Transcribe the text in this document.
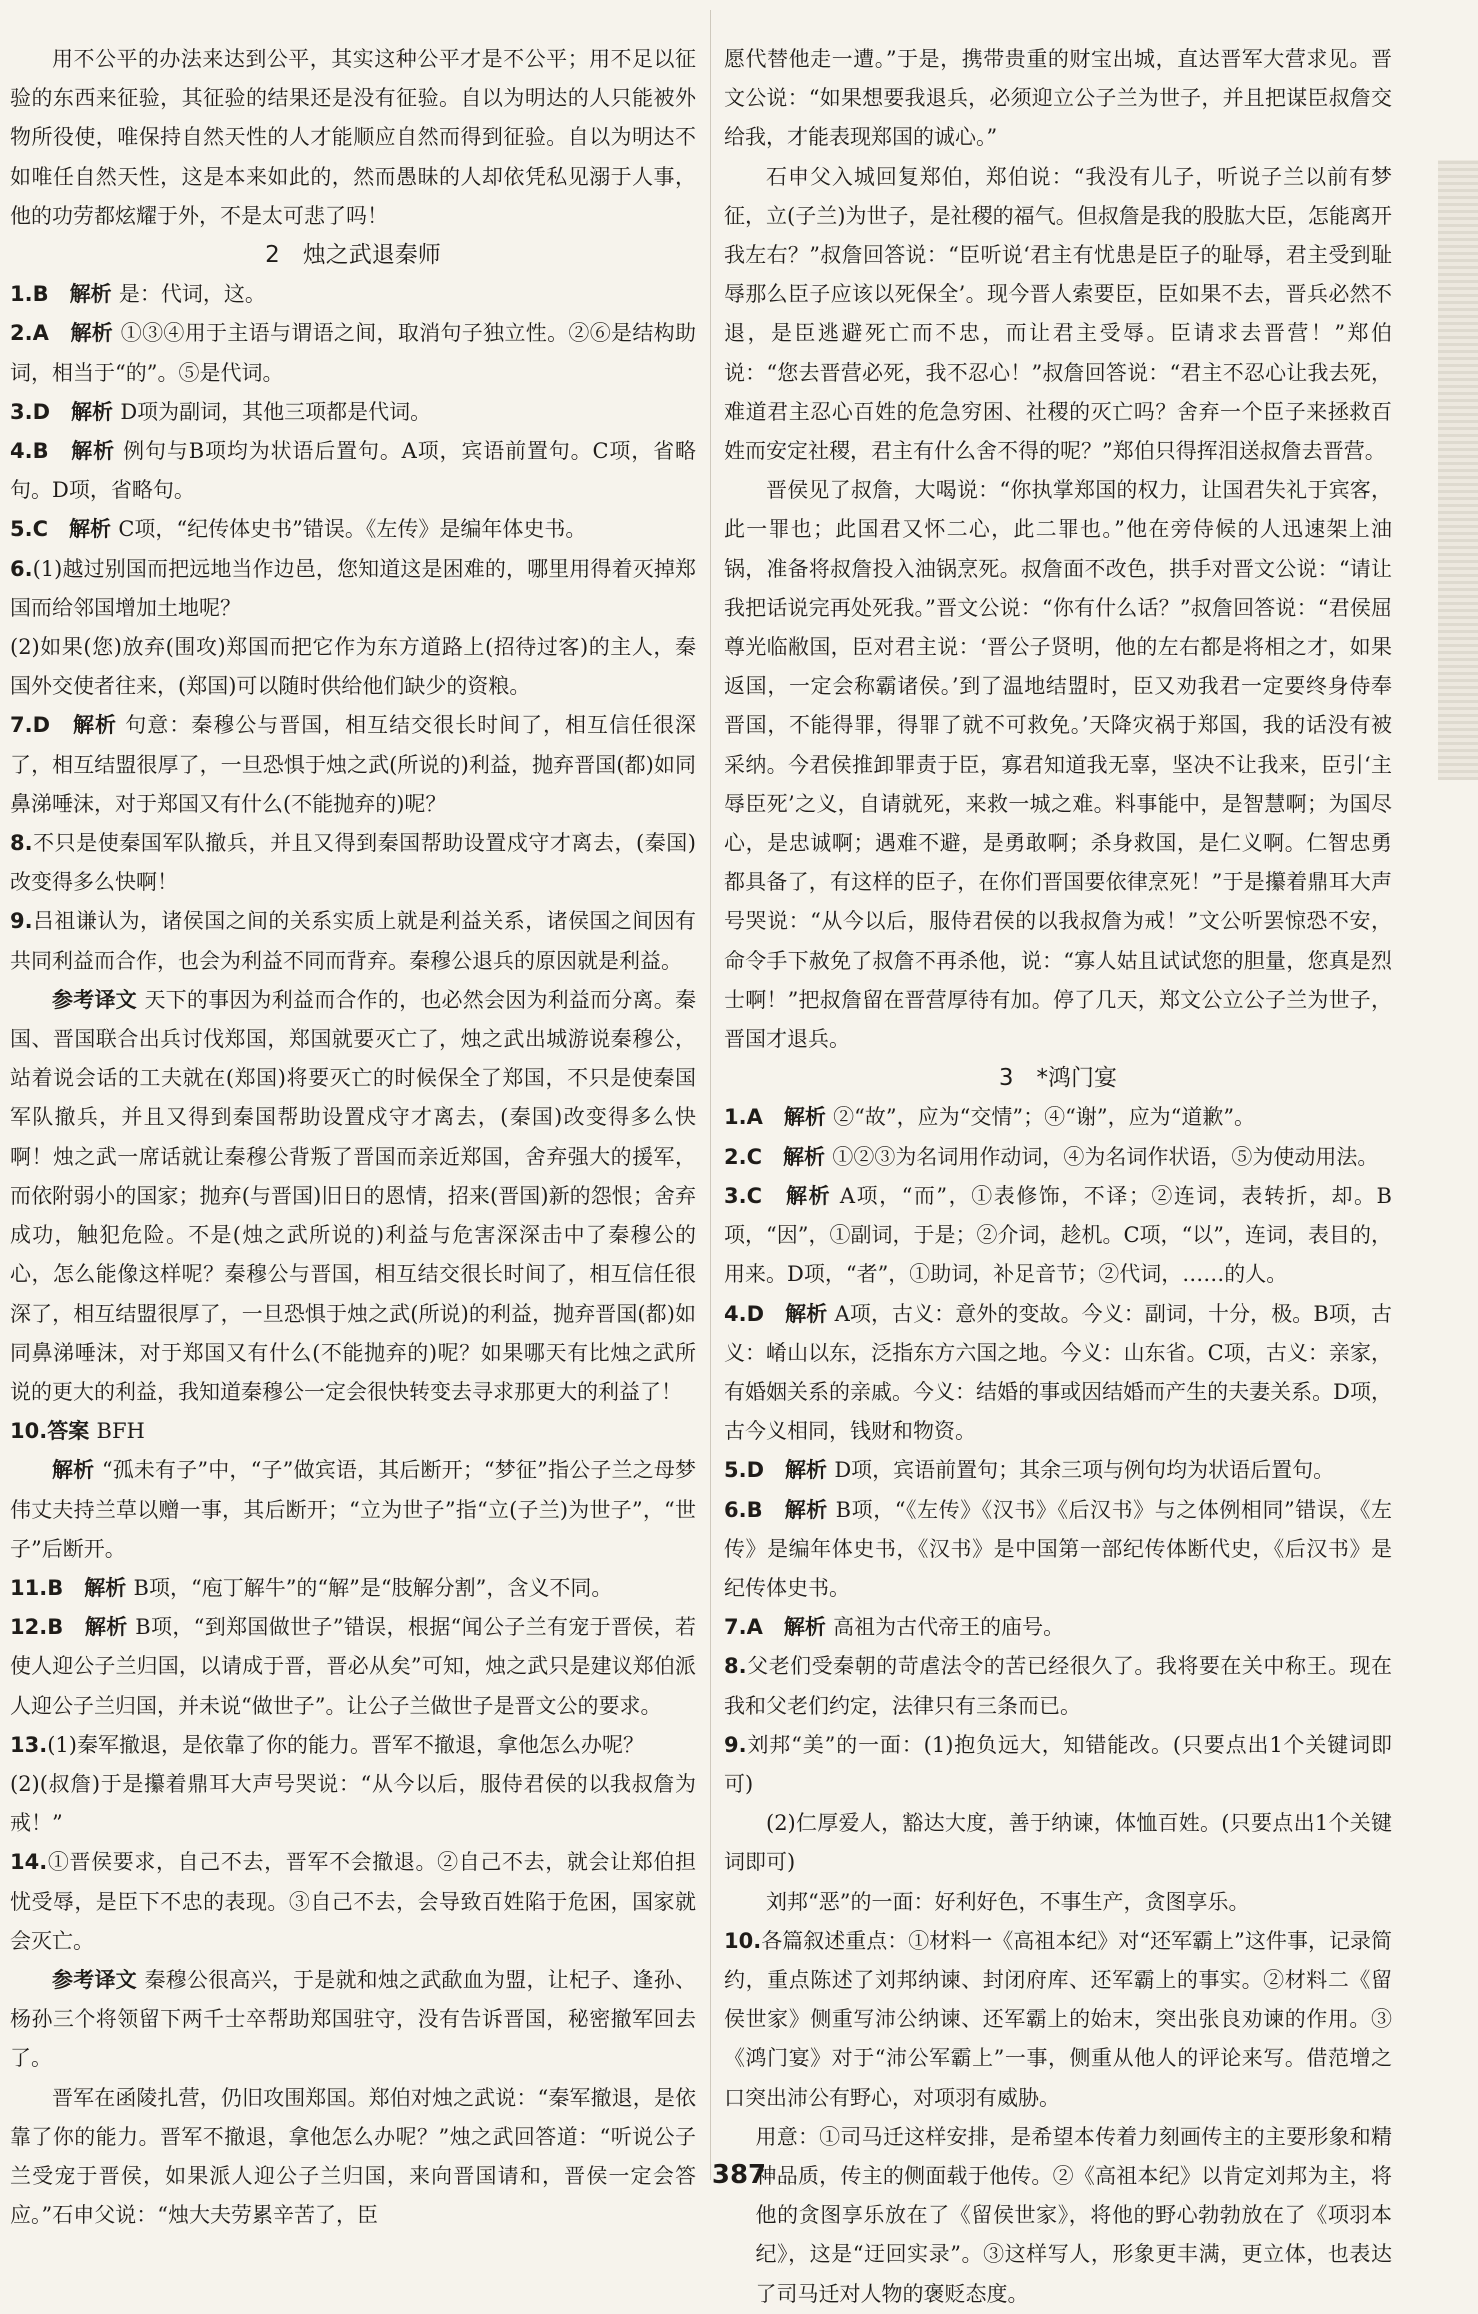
用不公平的办法来达到公平，其实这种公平才是不公平；用不足以征验的东西来征验，其征验的结果还是没有征验。自以为明达的人只能被外物所役使，唯保持自然天性的人才能顺应自然而得到征验。自以为明达不如唯任自然天性，这是本来如此的，然而愚昧的人却依凭私见溺于人事，他的功劳都炫耀于外，不是太可悲了吗！

2　烛之武退秦师

1.B　解析 是：代词，这。

2.A　解析 ①③④用于主语与谓语之间，取消句子独立性。②⑥是结构助词，相当于“的”。⑤是代词。

3.D　解析 D项为副词，其他三项都是代词。

4.B　解析 例句与B项均为状语后置句。A项，宾语前置句。C项，省略句。D项，省略句。

5.C　解析 C项，“纪传体史书”错误。《左传》是编年体史书。

6.(1)越过别国而把远地当作边邑，您知道这是困难的，哪里用得着灭掉郑国而给邻国增加土地呢？

(2)如果(您)放弃(围攻)郑国而把它作为东方道路上(招待过客)的主人，秦国外交使者往来，(郑国)可以随时供给他们缺少的资粮。

7.D　解析 句意：秦穆公与晋国，相互结交很长时间了，相互信任很深了，相互结盟很厚了，一旦恐惧于烛之武(所说的)利益，抛弃晋国(都)如同鼻涕唾沫，对于郑国又有什么(不能抛弃的)呢？

8.不只是使秦国军队撤兵，并且又得到秦国帮助设置戍守才离去，(秦国)改变得多么快啊！

9.吕祖谦认为，诸侯国之间的关系实质上就是利益关系，诸侯国之间因有共同利益而合作，也会为利益不同而背弃。秦穆公退兵的原因就是利益。

参考译文 天下的事因为利益而合作的，也必然会因为利益而分离。秦国、晋国联合出兵讨伐郑国，郑国就要灭亡了，烛之武出城游说秦穆公，站着说会话的工夫就在(郑国)将要灭亡的时候保全了郑国，不只是使秦国军队撤兵，并且又得到秦国帮助设置戍守才离去，(秦国)改变得多么快啊！烛之武一席话就让秦穆公背叛了晋国而亲近郑国，舍弃强大的援军，而依附弱小的国家；抛弃(与晋国)旧日的恩情，招来(晋国)新的怨恨；舍弃成功，触犯危险。不是(烛之武所说的)利益与危害深深击中了秦穆公的心，怎么能像这样呢？秦穆公与晋国，相互结交很长时间了，相互信任很深了，相互结盟很厚了，一旦恐惧于烛之武(所说)的利益，抛弃晋国(都)如同鼻涕唾沫，对于郑国又有什么(不能抛弃的)呢？如果哪天有比烛之武所说的更大的利益，我知道秦穆公一定会很快转变去寻求那更大的利益了！

10.答案 BFH

解析 “孤未有子”中，“子”做宾语，其后断开；“梦征”指公子兰之母梦伟丈夫持兰草以赠一事，其后断开；“立为世子”指“立(子兰)为世子”，“世子”后断开。

11.B　解析 B项，“庖丁解牛”的“解”是“肢解分割”，含义不同。

12.B　解析 B项，“到郑国做世子”错误，根据“闻公子兰有宠于晋侯，若使人迎公子兰归国，以请成于晋，晋必从矣”可知，烛之武只是建议郑伯派人迎公子兰归国，并未说“做世子”。让公子兰做世子是晋文公的要求。

13.(1)秦军撤退，是依靠了你的能力。晋军不撤退，拿他怎么办呢？

(2)(叔詹)于是攥着鼎耳大声号哭说：“从今以后，服侍君侯的以我叔詹为戒！”

14.①晋侯要求，自己不去，晋军不会撤退。②自己不去，就会让郑伯担忧受辱，是臣下不忠的表现。③自己不去，会导致百姓陷于危困，国家就会灭亡。

参考译文 秦穆公很高兴，于是就和烛之武歃血为盟，让杞子、逢孙、杨孙三个将领留下两千士卒帮助郑国驻守，没有告诉晋国，秘密撤军回去了。

晋军在函陵扎营，仍旧攻围郑国。郑伯对烛之武说：“秦军撤退，是依靠了你的能力。晋军不撤退，拿他怎么办呢？”烛之武回答道：“听说公子兰受宠于晋侯，如果派人迎公子兰归国，来向晋国请和，晋侯一定会答应。”石申父说：“烛大夫劳累辛苦了，臣

愿代替他走一遭。”于是，携带贵重的财宝出城，直达晋军大营求见。晋文公说：“如果想要我退兵，必须迎立公子兰为世子，并且把谋臣叔詹交给我，才能表现郑国的诚心。”

石申父入城回复郑伯，郑伯说：“我没有儿子，听说子兰以前有梦征，立(子兰)为世子，是社稷的福气。但叔詹是我的股肱大臣，怎能离开我左右？”叔詹回答说：“臣听说‘君主有忧患是臣子的耻辱，君主受到耻辱那么臣子应该以死保全’。现今晋人索要臣，臣如果不去，晋兵必然不退，是臣逃避死亡而不忠，而让君主受辱。臣请求去晋营！”郑伯说：“您去晋营必死，我不忍心！”叔詹回答说：“君主不忍心让我去死，难道君主忍心百姓的危急穷困、社稷的灭亡吗？舍弃一个臣子来拯救百姓而安定社稷，君主有什么舍不得的呢？”郑伯只得挥泪送叔詹去晋营。

晋侯见了叔詹，大喝说：“你执掌郑国的权力，让国君失礼于宾客，此一罪也；此国君又怀二心，此二罪也。”他在旁侍候的人迅速架上油锅，准备将叔詹投入油锅烹死。叔詹面不改色，拱手对晋文公说：“请让我把话说完再处死我。”晋文公说：“你有什么话？”叔詹回答说：“君侯屈尊光临敝国，臣对君主说：‘晋公子贤明，他的左右都是将相之才，如果返国，一定会称霸诸侯。’到了温地结盟时，臣又劝我君一定要终身侍奉晋国，不能得罪，得罪了就不可救免。’天降灾祸于郑国，我的话没有被采纳。今君侯推卸罪责于臣，寡君知道我无辜，坚决不让我来，臣引‘主辱臣死’之义，自请就死，来救一城之难。料事能中，是智慧啊；为国尽心，是忠诚啊；遇难不避，是勇敢啊；杀身救国，是仁义啊。仁智忠勇都具备了，有这样的臣子，在你们晋国要依律烹死！”于是攥着鼎耳大声号哭说：“从今以后，服侍君侯的以我叔詹为戒！”文公听罢惊恐不安，命令手下赦免了叔詹不再杀他，说：“寡人姑且试试您的胆量，您真是烈士啊！”把叔詹留在晋营厚待有加。停了几天，郑文公立公子兰为世子，晋国才退兵。

3　*鸿门宴

1.A　解析 ②“故”，应为“交情”；④“谢”，应为“道歉”。

2.C　解析 ①②③为名词用作动词，④为名词作状语，⑤为使动用法。

3.C　解析 A项，“而”，①表修饰，不译；②连词，表转折，却。B项，“因”，①副词，于是；②介词，趁机。C项，“以”，连词，表目的，用来。D项，“者”，①助词，补足音节；②代词，……的人。

4.D　解析 A项，古义：意外的变故。今义：副词，十分，极。B项，古义：崤山以东，泛指东方六国之地。今义：山东省。C项，古义：亲家，有婚姻关系的亲戚。今义：结婚的事或因结婚而产生的夫妻关系。D项，古今义相同，钱财和物资。

5.D　解析 D项，宾语前置句；其余三项与例句均为状语后置句。

6.B　解析 B项，“《左传》《汉书》《后汉书》与之体例相同”错误，《左传》是编年体史书，《汉书》是中国第一部纪传体断代史，《后汉书》是纪传体史书。

7.A　解析 高祖为古代帝王的庙号。

8.父老们受秦朝的苛虐法令的苦已经很久了。我将要在关中称王。现在我和父老们约定，法律只有三条而已。

9.刘邦“美”的一面：(1)抱负远大，知错能改。(只要点出1个关键词即可)

(2)仁厚爱人，豁达大度，善于纳谏，体恤百姓。(只要点出1个关键词即可)

刘邦“恶”的一面：好利好色，不事生产，贪图享乐。

10.各篇叙述重点：①材料一《高祖本纪》对“还军霸上”这件事，记录简约，重点陈述了刘邦纳谏、封闭府库、还军霸上的事实。②材料二《留侯世家》侧重写沛公纳谏、还军霸上的始末，突出张良劝谏的作用。③《鸿门宴》对于“沛公军霸上”一事，侧重从他人的评论来写。借范增之口突出沛公有野心，对项羽有威胁。

用意：①司马迁这样安排，是希望本传着力刻画传主的主要形象和精神品质，传主的侧面载于他传。②《高祖本纪》以肯定刘邦为主，将他的贪图享乐放在了《留侯世家》，将他的野心勃勃放在了《项羽本纪》，这是“迂回实录”。③这样写人，形象更丰满，更立体，也表达了司马迁对人物的褒贬态度。

387
